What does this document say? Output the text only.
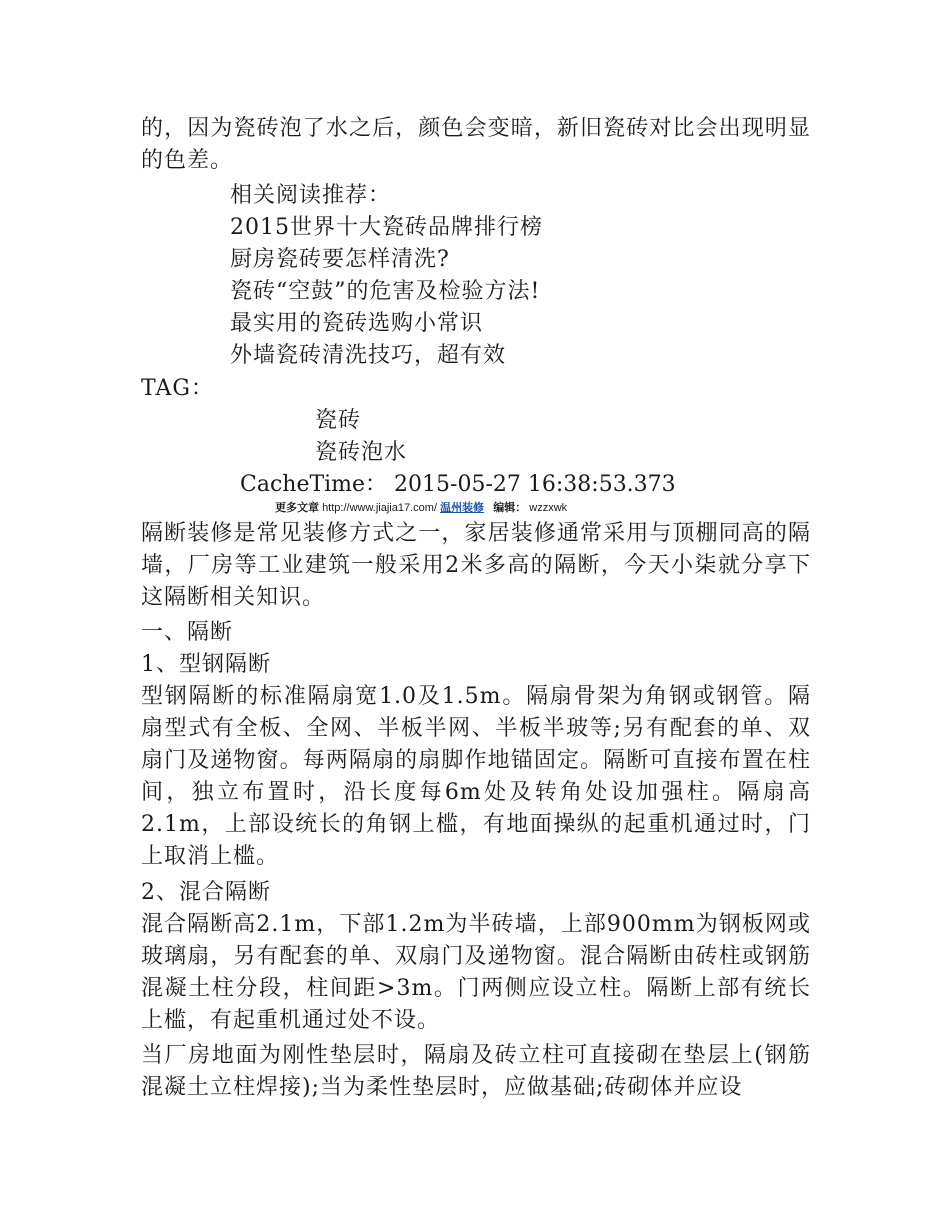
的，因为瓷砖泡了水之后，颜色会变暗，新旧瓷砖对比会出现明显的色差。
相关阅读推荐：
2015世界十大瓷砖品牌排行榜
厨房瓷砖要怎样清洗?
瓷砖“空鼓”的危害及检验方法!
最实用的瓷砖选购小常识
外墙瓷砖清洗技巧，超有效
TAG：
瓷砖
瓷砖泡水
CacheTime： 2015-05-27 16:38:53.373
更多文章 http://www.jiajia17.com/ 温州装修 编辑： wzzxwk
隔断装修是常见装修方式之一，家居装修通常采用与顶棚同高的隔墙，厂房等工业建筑一般采用2米多高的隔断，今天小柒就分享下这隔断相关知识。
一、隔断
1、型钢隔断
型钢隔断的标准隔扇宽1.0及1.5m。隔扇骨架为角钢或钢管。隔扇型式有全板、全网、半板半网、半板半玻等;另有配套的单、双扇门及递物窗。每两隔扇的扇脚作地锚固定。隔断可直接布置在柱间，独立布置时，沿长度每6m处及转角处设加强柱。隔扇高2.1m，上部设统长的角钢上槛，有地面操纵的起重机通过时，门上取消上槛。
2、混合隔断
混合隔断高2.1m，下部1.2m为半砖墙，上部900mm为钢板网或玻璃扇，另有配套的单、双扇门及递物窗。混合隔断由砖柱或钢筋混凝土柱分段，柱间距>3m。门两侧应设立柱。隔断上部有统长上槛，有起重机通过处不设。
当厂房地面为刚性垫层时，隔扇及砖立柱可直接砌在垫层上(钢筋混凝土立柱焊接);当为柔性垫层时，应做基础;砖砌体并应设
